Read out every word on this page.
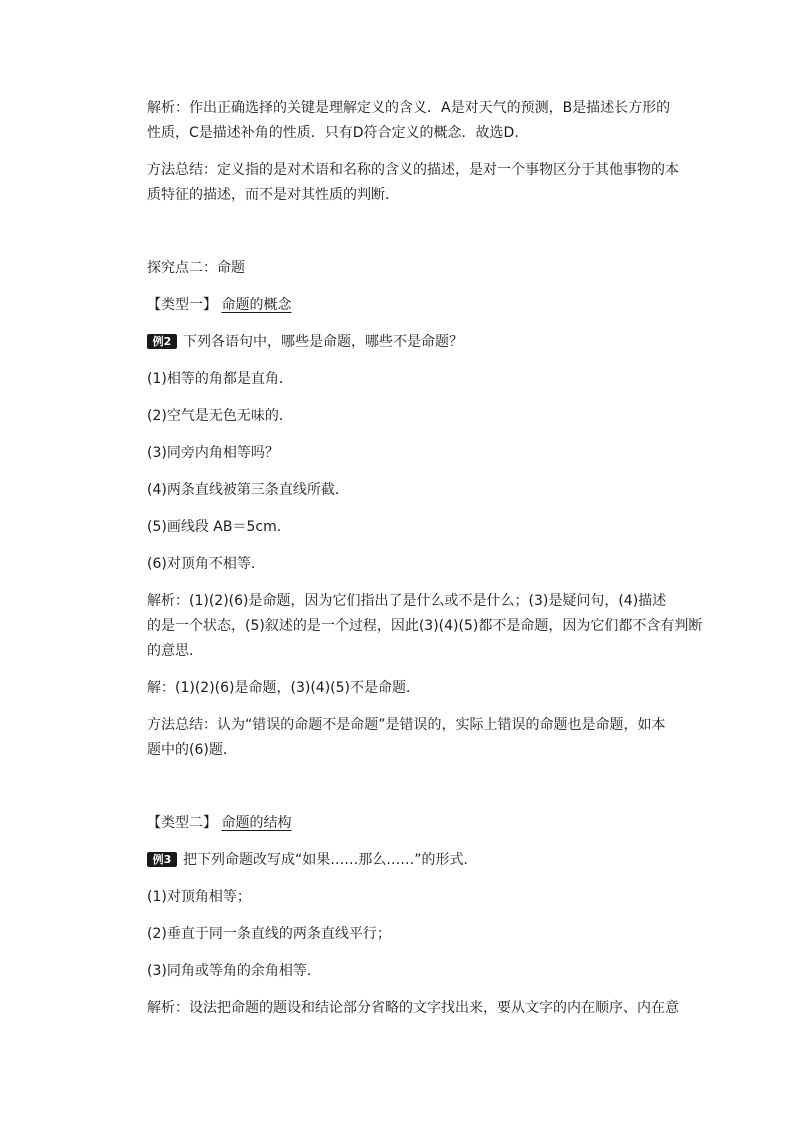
解析：作出正确选择的关键是理解定义的含义．A是对天气的预测，B是描述长方形的

性质，C是描述补角的性质．只有D符合定义的概念．故选D.

方法总结：定义指的是对术语和名称的含义的描述，是对一个事物区分于其他事物的本

质特征的描述，而不是对其性质的判断．

探究点二：命题

【类型一】 命题的概念

例2 下列各语句中，哪些是命题，哪些不是命题？

(1)相等的角都是直角．

(2)空气是无色无味的．

(3)同旁内角相等吗？

(4)两条直线被第三条直线所截．

(5)画线段 AB＝5cm.

(6)对顶角不相等．

解析：(1)(2)(6)是命题，因为它们指出了是什么或不是什么；(3)是疑问句，(4)描述

的是一个状态，(5)叙述的是一个过程，因此(3)(4)(5)都不是命题，因为它们都不含有判断

的意思．

解：(1)(2)(6)是命题，(3)(4)(5)不是命题．

方法总结：认为“错误的命题不是命题”是错误的，实际上错误的命题也是命题，如本

题中的(6)题．

【类型二】 命题的结构

例3 把下列命题改写成“如果……那么……”的形式．

(1)对顶角相等；

(2)垂直于同一条直线的两条直线平行；

(3)同角或等角的余角相等．

解析：设法把命题的题设和结论部分省略的文字找出来，要从文字的内在顺序、内在意
